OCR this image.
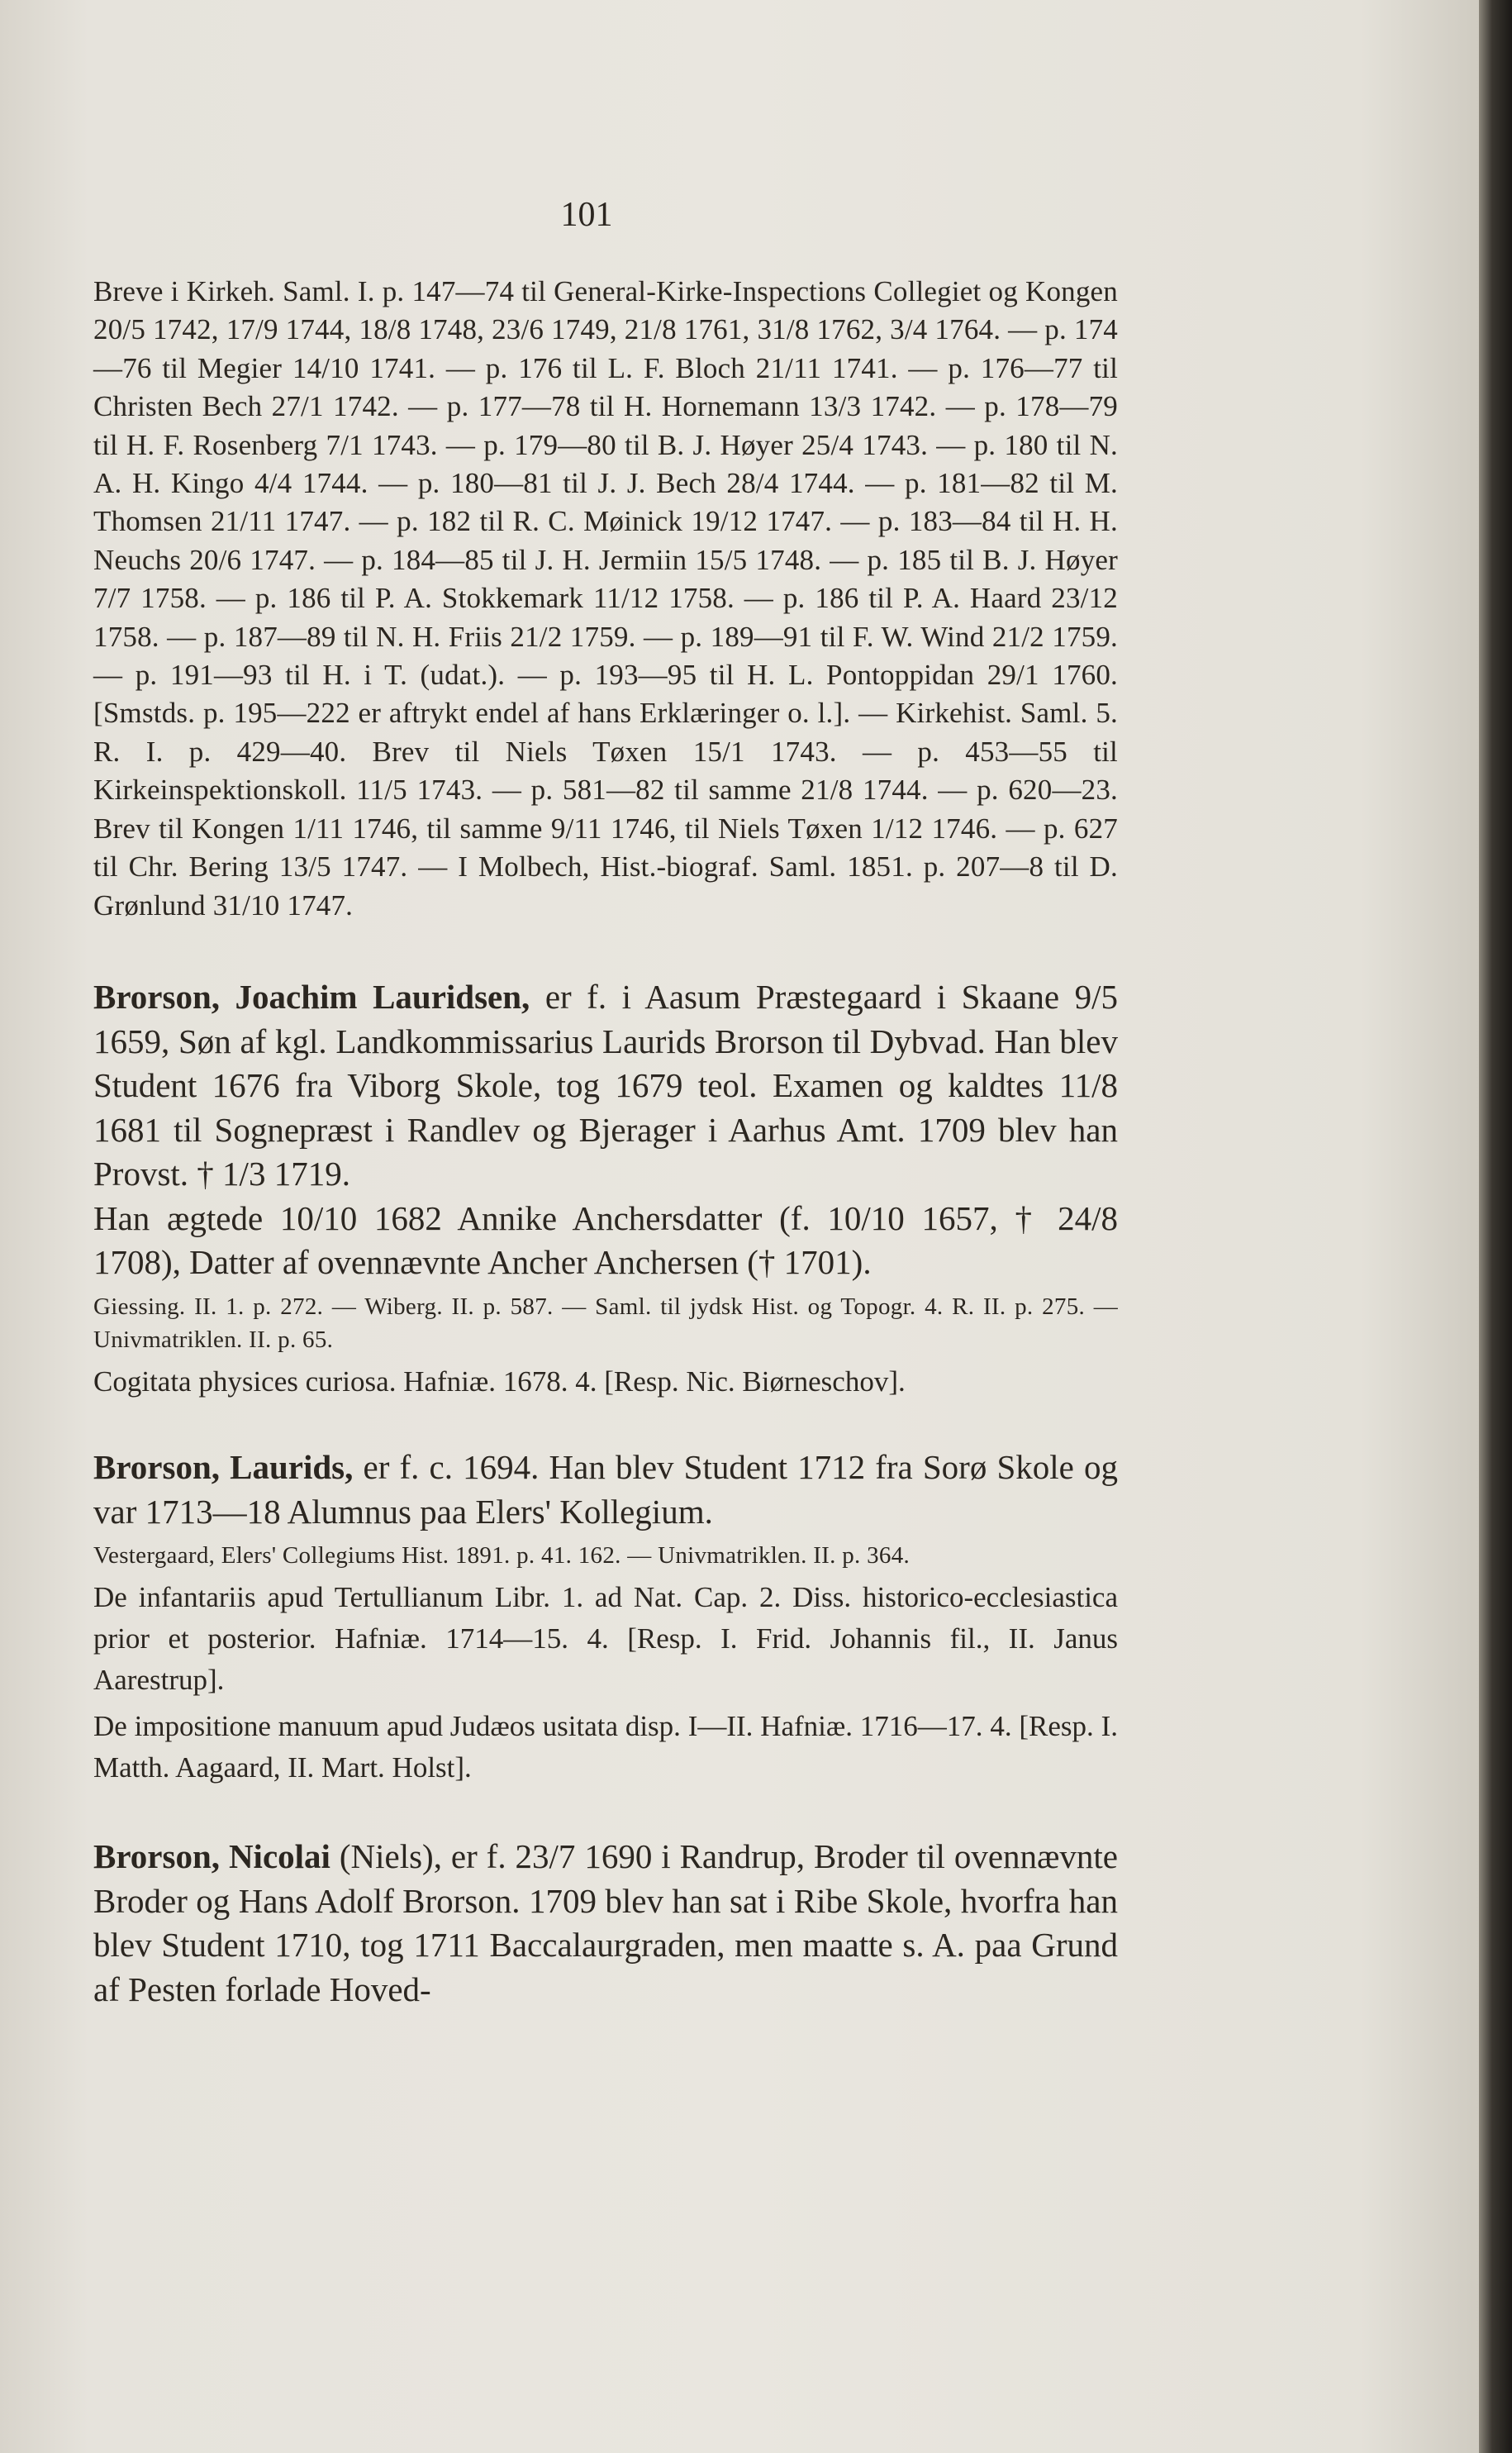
101

Breve i Kirkeh. Saml. I. p. 147—74 til General-Kirke-Inspections Collegiet og Kongen 20/5 1742, 17/9 1744, 18/8 1748, 23/6 1749, 21/8 1761, 31/8 1762, 3/4 1764. — p. 174—76 til Megier 14/10 1741. — p. 176 til L. F. Bloch 21/11 1741. — p. 176—77 til Christen Bech 27/1 1742. — p. 177—78 til H. Hornemann 13/3 1742. — p. 178—79 til H. F. Rosenberg 7/1 1743. — p. 179—80 til B. J. Høyer 25/4 1743. — p. 180 til N. A. H. Kingo 4/4 1744. — p. 180—81 til J. J. Bech 28/4 1744. — p. 181—82 til M. Thomsen 21/11 1747. — p. 182 til R. C. Møinick 19/12 1747. — p. 183—84 til H. H. Neuchs 20/6 1747. — p. 184—85 til J. H. Jermiin 15/5 1748. — p. 185 til B. J. Høyer 7/7 1758. — p. 186 til P. A. Stokkemark 11/12 1758. — p. 186 til P. A. Haard 23/12 1758. — p. 187—89 til N. H. Friis 21/2 1759. — p. 189—91 til F. W. Wind 21/2 1759. — p. 191—93 til H. i T. (udat.). — p. 193—95 til H. L. Pontoppidan 29/1 1760. [Smstds. p. 195—222 er aftrykt endel af hans Erklæringer o. l.]. — Kirkehist. Saml. 5. R. I. p. 429—40. Brev til Niels Tøxen 15/1 1743. — p. 453—55 til Kirkeinspektionskoll. 11/5 1743. — p. 581—82 til samme 21/8 1744. — p. 620—23. Brev til Kongen 1/11 1746, til samme 9/11 1746, til Niels Tøxen 1/12 1746. — p. 627 til Chr. Bering 13/5 1747. — I Molbech, Hist.-biograf. Saml. 1851. p. 207—8 til D. Grønlund 31/10 1747.

Brorson, Joachim Lauridsen, er f. i Aasum Præstegaard i Skaane 9/5 1659, Søn af kgl. Landkommissarius Laurids Brorson til Dybvad. Han blev Student 1676 fra Viborg Skole, tog 1679 teol. Examen og kaldtes 11/8 1681 til Sognepræst i Randlev og Bjerager i Aarhus Amt. 1709 blev han Provst. † 1/3 1719.

Han ægtede 10/10 1682 Annike Anchersdatter (f. 10/10 1657, † 24/8 1708), Datter af ovennævnte Ancher Anchersen († 1701).

Giessing. II. 1. p. 272. — Wiberg. II. p. 587. — Saml. til jydsk Hist. og Topogr. 4. R. II. p. 275. — Univmatriklen. II. p. 65.

Cogitata physices curiosa. Hafniæ. 1678. 4. [Resp. Nic. Biørneschov].

Brorson, Laurids, er f. c. 1694. Han blev Student 1712 fra Sorø Skole og var 1713—18 Alumnus paa Elers' Kollegium.

Vestergaard, Elers' Collegiums Hist. 1891. p. 41. 162. — Univmatriklen. II. p. 364.

De infantariis apud Tertullianum Libr. 1. ad Nat. Cap. 2. Diss. historico-ecclesiastica prior et posterior. Hafniæ. 1714—15. 4. [Resp. I. Frid. Johannis fil., II. Janus Aarestrup].

De impositione manuum apud Judæos usitata disp. I—II. Hafniæ. 1716—17. 4. [Resp. I. Matth. Aagaard, II. Mart. Holst].

Brorson, Nicolai (Niels), er f. 23/7 1690 i Randrup, Broder til ovennævnte Broder og Hans Adolf Brorson. 1709 blev han sat i Ribe Skole, hvorfra han blev Student 1710, tog 1711 Baccalaurgraden, men maatte s. A. paa Grund af Pesten forlade Hoved-
